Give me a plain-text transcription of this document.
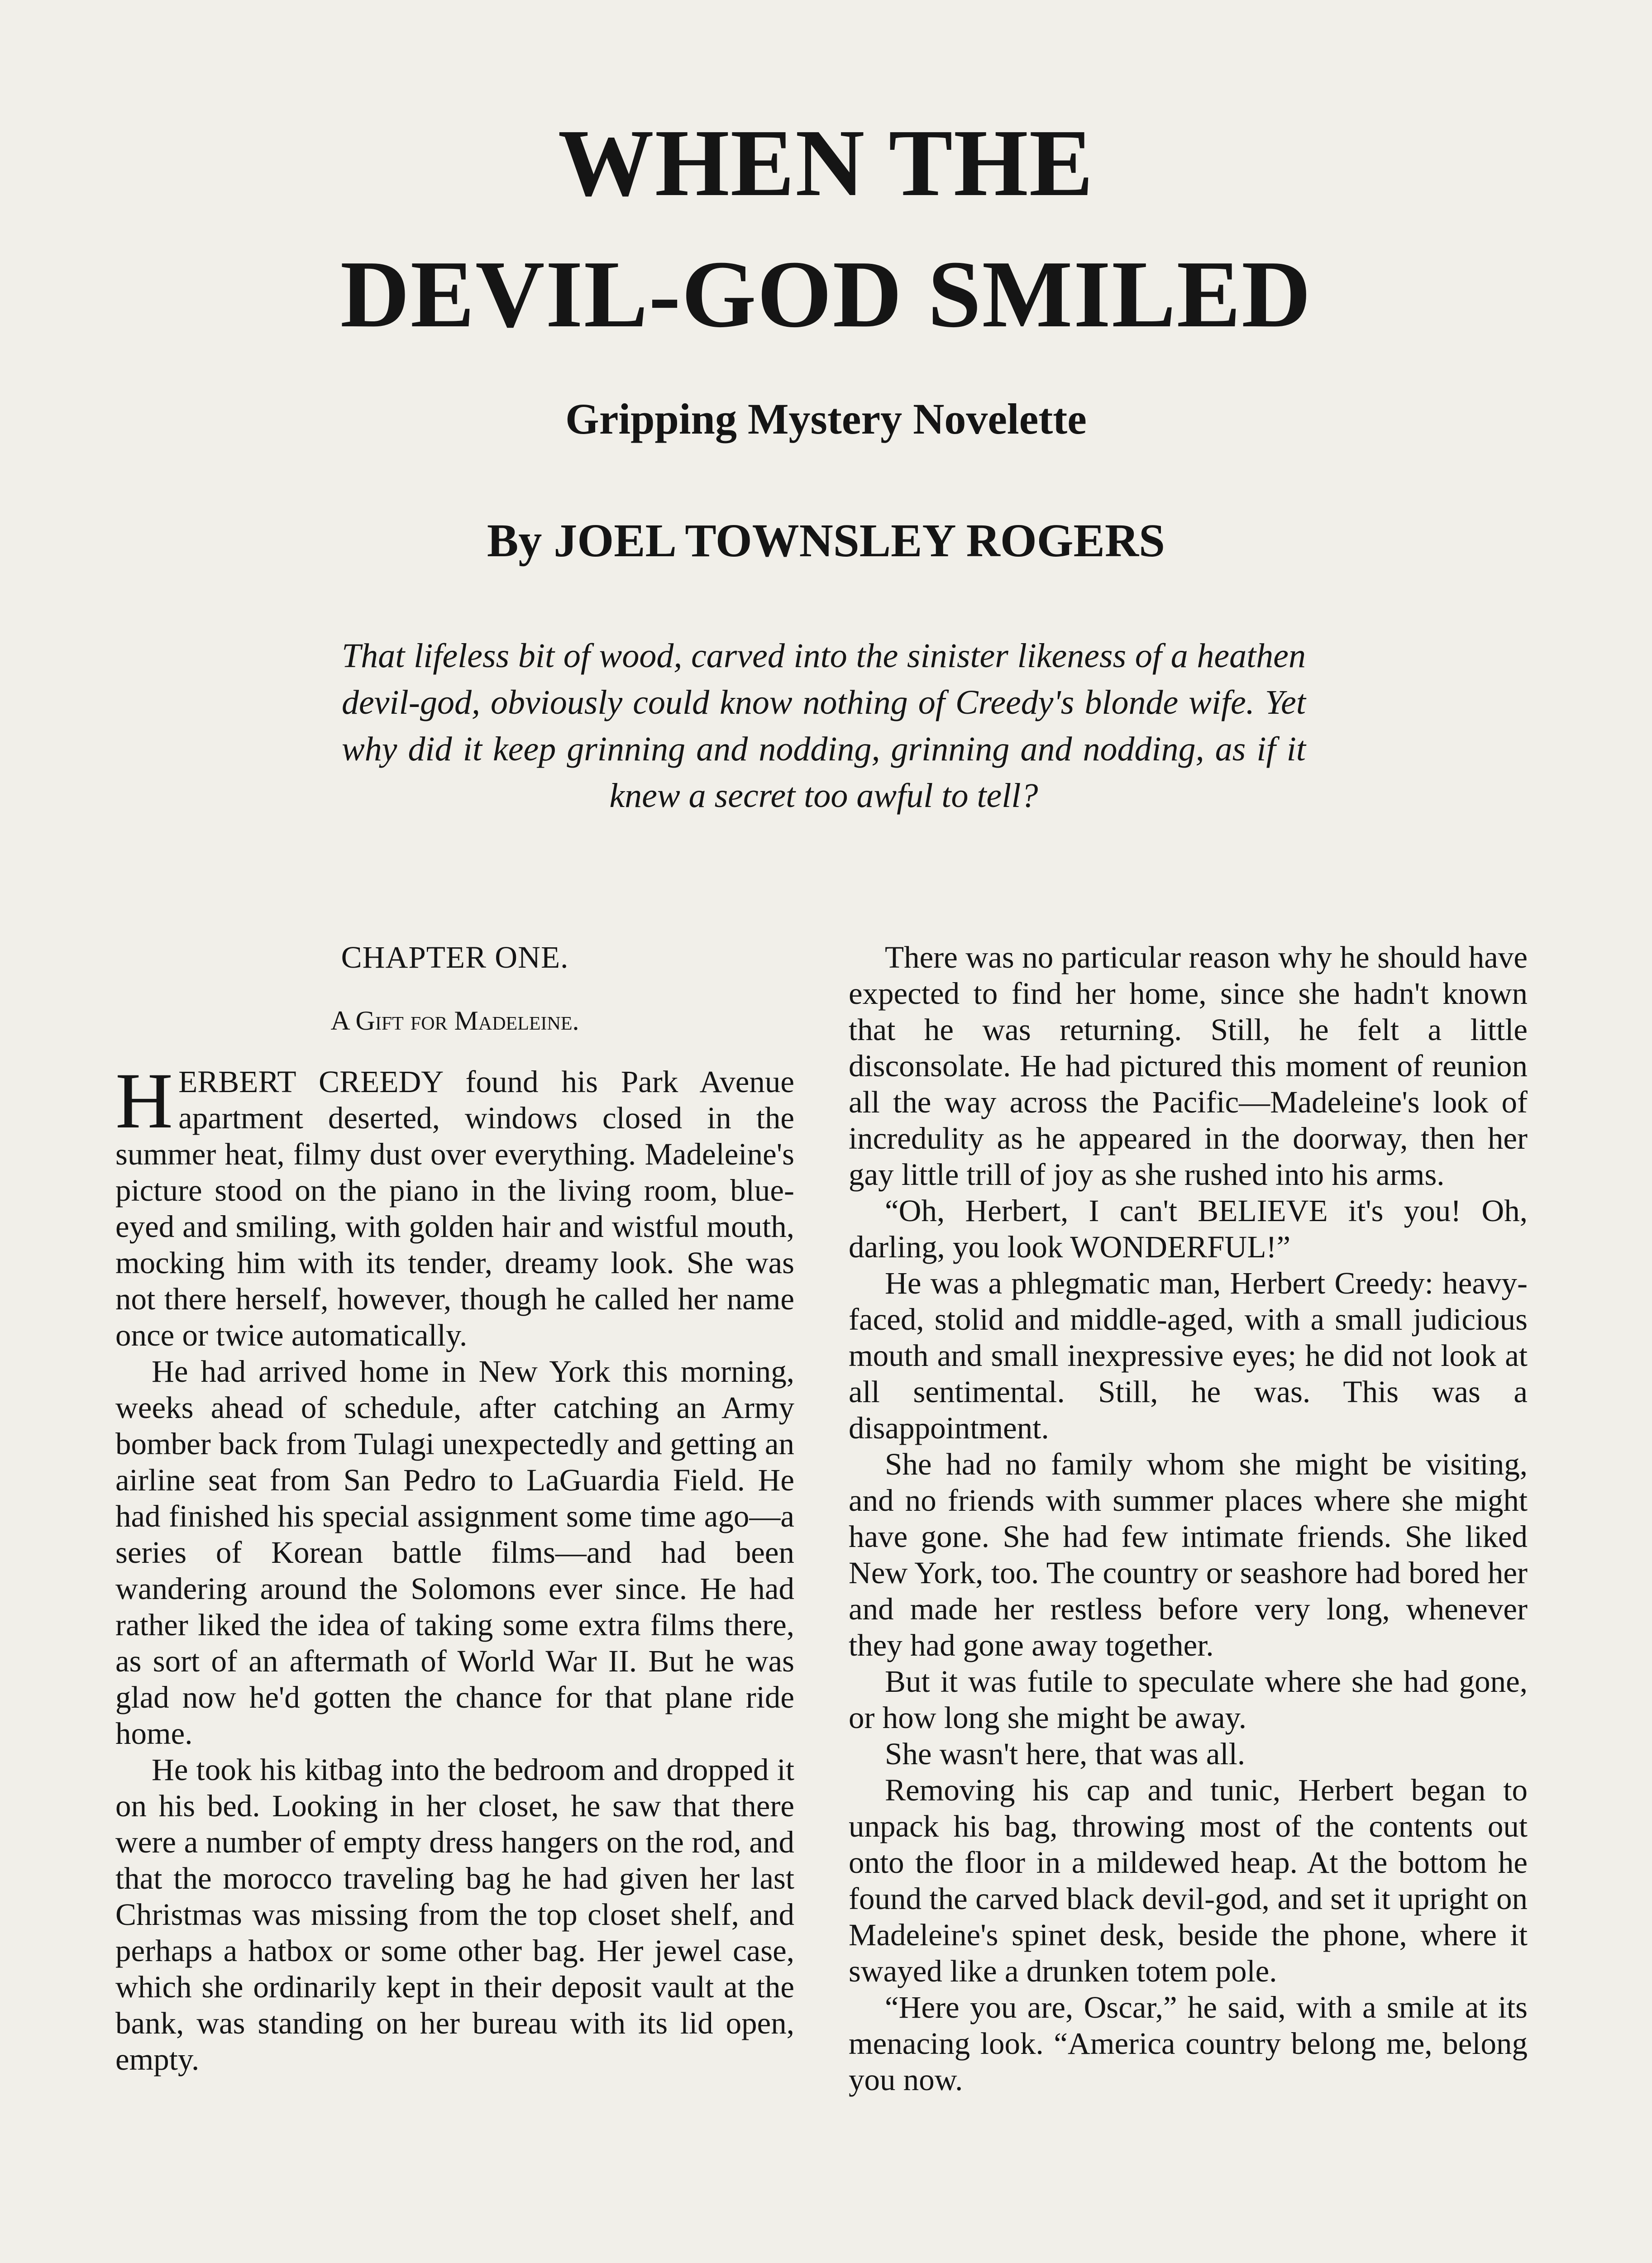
WHEN THE
DEVIL-GOD SMILED
Gripping Mystery Novelette
By JOEL TOWNSLEY ROGERS

That lifeless bit of wood, carved into the sinister likeness of a heathen devil-god, obviously could know nothing of Creedy's blonde wife. Yet why did it keep grinning and nodding, grinning and nodding, as if it knew a secret too awful to tell?

CHAPTER ONE.
A Gift for Madeleine.

HERBERT CREEDY found his Park Avenue apartment deserted, windows closed in the summer heat, filmy dust over everything. Madeleine's picture stood on the piano in the living room, blue-eyed and smiling, with golden hair and wistful mouth, mocking him with its tender, dreamy look. She was not there herself, however, though he called her name once or twice automatically.

He had arrived home in New York this morning, weeks ahead of schedule, after catching an Army bomber back from Tulagi unexpectedly and getting an airline seat from San Pedro to LaGuardia Field. He had finished his special assignment some time ago—a series of Korean battle films—and had been wandering around the Solomons ever since. He had rather liked the idea of taking some extra films there, as sort of an aftermath of World War II. But he was glad now he'd gotten the chance for that plane ride home.

He took his kitbag into the bedroom and dropped it on his bed. Looking in her closet, he saw that there were a number of empty dress hangers on the rod, and that the morocco traveling bag he had given her last Christmas was missing from the top closet shelf, and perhaps a hatbox or some other bag. Her jewel case, which she ordinarily kept in their deposit vault at the bank, was standing on her bureau with its lid open, empty.

There was no particular reason why he should have expected to find her home, since she hadn't known that he was returning. Still, he felt a little disconsolate. He had pictured this moment of reunion all the way across the Pacific—Madeleine's look of incredulity as he appeared in the doorway, then her gay little trill of joy as she rushed into his arms.

“Oh, Herbert, I can't BELIEVE it's you! Oh, darling, you look WONDERFUL!”

He was a phlegmatic man, Herbert Creedy: heavy-faced, stolid and middle-aged, with a small judicious mouth and small inexpressive eyes; he did not look at all sentimental. Still, he was. This was a disappointment.

She had no family whom she might be visiting, and no friends with summer places where she might have gone. She had few intimate friends. She liked New York, too. The country or seashore had bored her and made her restless before very long, whenever they had gone away together.

But it was futile to speculate where she had gone, or how long she might be away.

She wasn't here, that was all.

Removing his cap and tunic, Herbert began to unpack his bag, throwing most of the contents out onto the floor in a mildewed heap. At the bottom he found the carved black devil-god, and set it upright on Madeleine's spinet desk, beside the phone, where it swayed like a drunken totem pole.

“Here you are, Oscar,” he said, with a smile at its menacing look. “America country belong me, belong you now.
